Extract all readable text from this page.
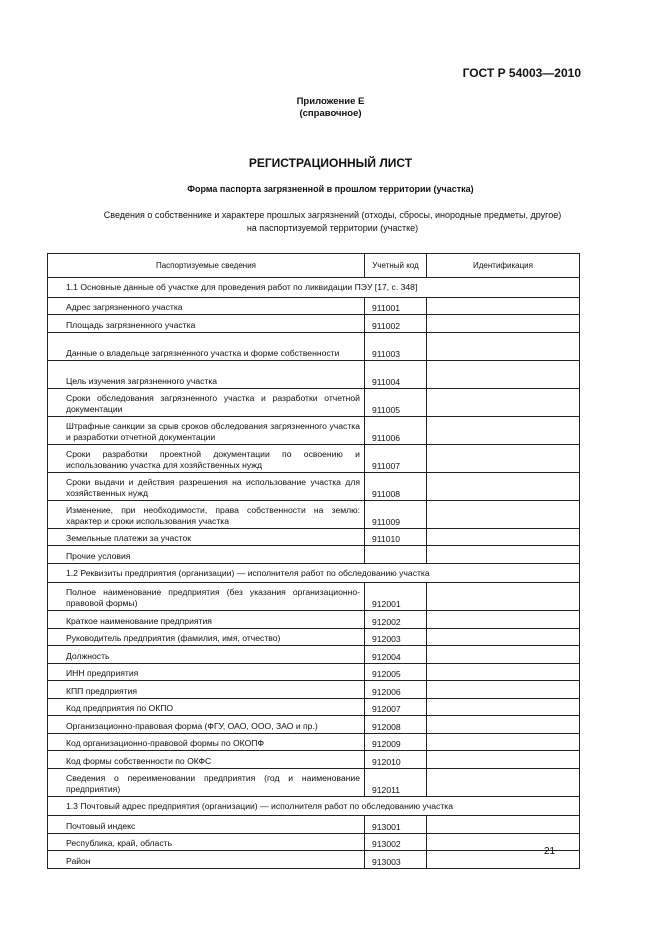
ГОСТ Р 54003—2010
Приложение Е
(справочное)
РЕГИСТРАЦИОННЫЙ ЛИСТ
Форма паспорта загрязненной в прошлом территории (участка)
Сведения о собственнике и характере прошлых загрязнений (отходы, сбросы, инородные предметы, другое)
на паспортизуемой территории (участке)
Паспортизуемые сведения	Учетный код	Идентификация
1.1 Основные данные об участке для проведения работ по ликвидации ПЭУ [17, с. 348]		
Адрес загрязненного участка	911001	
Площадь загрязненного участка	911002	
Данные о владельце загрязненного участка и форме собственности	911003	
Цель изучения загрязненного участка	911004	
Сроки обследования загрязненного участка и разработки отчетной документации	911005	
Штрафные санкции за срыв сроков обследования загрязненного участка и разработки отчетной документации	911006	
Сроки разработки проектной документации по освоению и использованию участка для хозяйственных нужд	911007	
Сроки выдачи и действия разрешения на использование участка для хозяйственных нужд	911008	
Изменение, при необходимости, права собственности на землю: характер и сроки использования участка	911009	
Земельные платежи за участок	911010	
Прочие условия		
1.2 Реквизиты предприятия (организации) — исполнителя работ по обследованию участка		
Полное наименование предприятия (без указания организационно-правовой формы)	912001	
Краткое наименование предприятия	912002	
Руководитель предприятия (фамилия, имя, отчество)	912003	
Должность	912004	
ИНН предприятия	912005	
КПП предприятия	912006	
Код предприятия по ОКПО	912007	
Организационно-правовая форма (ФГУ, ОАО, ООО, ЗАО и пр.)	912008	
Код организационно-правовой формы по ОКОПФ	912009	
Код формы собственности по ОКФС	912010	
Сведения о переименовании предприятия (год и наименование предприятия)	912011	
1.3 Почтовый адрес предприятия (организации) — исполнителя работ по обследованию участка		
Почтовый индекс	913001	
Республика, край, область	913002	
Район	913003	
21
